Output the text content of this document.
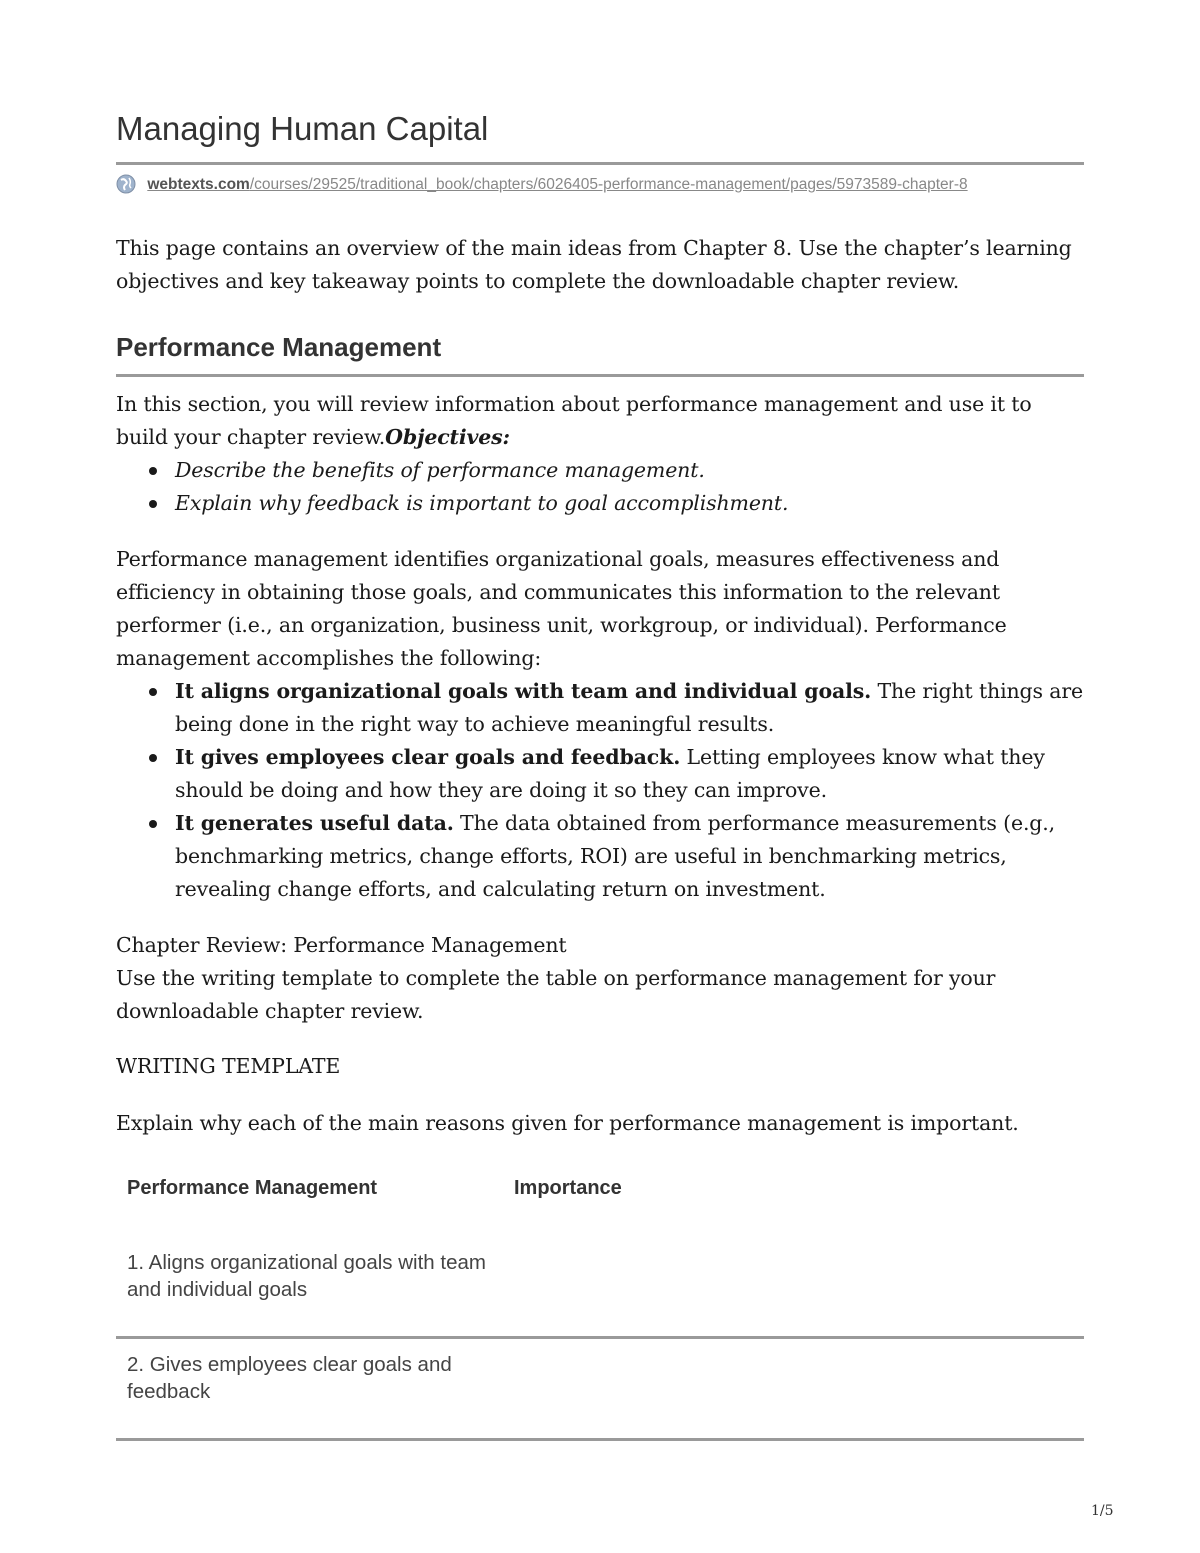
Managing Human Capital
webtexts.com/courses/29525/traditional_book/chapters/6026405-performance-management/pages/5973589-chapter-8

This page contains an overview of the main ideas from Chapter 8. Use the chapter’s learning objectives and key takeaway points to complete the downloadable chapter review.

Performance Management

In this section, you will review information about performance management and use it to build your chapter review.Objectives:

Describe the benefits of performance management.
Explain why feedback is important to goal accomplishment.

Performance management identifies organizational goals, measures effectiveness and efficiency in obtaining those goals, and communicates this information to the relevant performer (i.e., an organization, business unit, workgroup, or individual). Performance management accomplishes the following:

It aligns organizational goals with team and individual goals. The right things are being done in the right way to achieve meaningful results.
It gives employees clear goals and feedback. Letting employees know what they should be doing and how they are doing it so they can improve.
It generates useful data. The data obtained from performance measurements (e.g., benchmarking metrics, change efforts, ROI) are useful in benchmarking metrics, revealing change efforts, and calculating return on investment.

Chapter Review: Performance Management

Use the writing template to complete the table on performance management for your downloadable chapter review.

WRITING TEMPLATE

Explain why each of the main reasons given for performance management is important.

Performance Management	Importance
1. Aligns organizational goals with team and individual goals
2. Gives employees clear goals and feedback
1/5
